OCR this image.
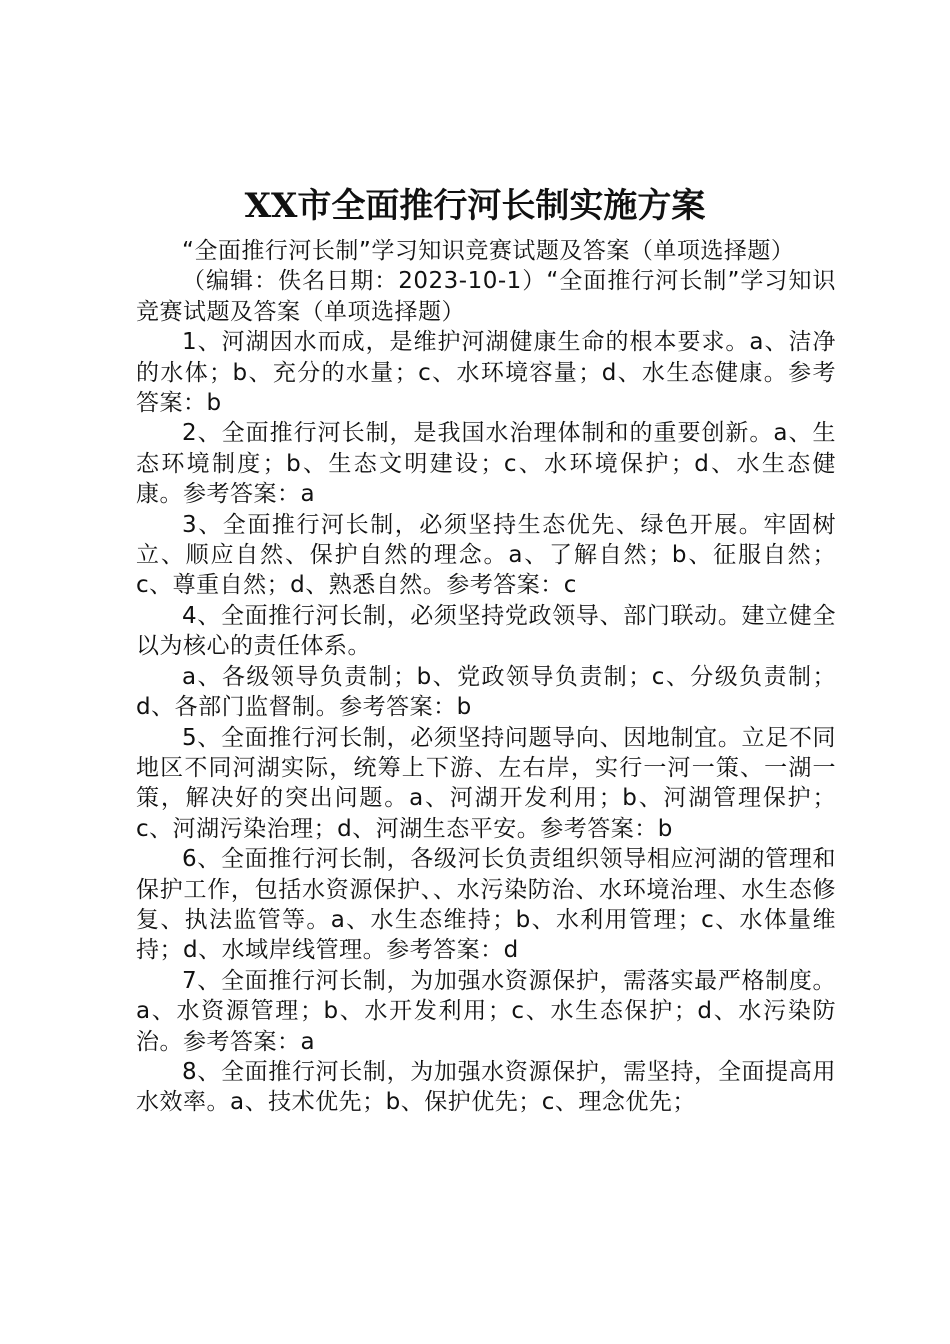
XX市全面推行河长制实施方案

“全面推行河长制”学习知识竞赛试题及答案（单项选择题）

（编辑：佚名日期：2023-10-1）“全面推行河长制”学习知识竞赛试题及答案（单项选择题）

1、河湖因水而成，是维护河湖健康生命的根本要求。a、洁净的水体；b、充分的水量；c、水环境容量；d、水生态健康。参考答案：b

2、全面推行河长制，是我国水治理体制和的重要创新。a、生态环境制度；b、生态文明建设；c、水环境保护；d、水生态健康。参考答案：a

3、全面推行河长制，必须坚持生态优先、绿色开展。牢固树立、顺应自然、保护自然的理念。a、了解自然；b、征服自然；c、尊重自然；d、熟悉自然。参考答案：c

4、全面推行河长制，必须坚持党政领导、部门联动。建立健全以为核心的责任体系。

a、各级领导负责制；b、党政领导负责制；c、分级负责制；d、各部门监督制。参考答案：b

5、全面推行河长制，必须坚持问题导向、因地制宜。立足不同地区不同河湖实际，统筹上下游、左右岸，实行一河一策、一湖一策，解决好的突出问题。a、河湖开发利用；b、河湖管理保护；c、河湖污染治理；d、河湖生态平安。参考答案：b

6、全面推行河长制，各级河长负责组织领导相应河湖的管理和保护工作，包括水资源保护、、水污染防治、水环境治理、水生态修复、执法监管等。a、水生态维持；b、水利用管理；c、水体量维持；d、水域岸线管理。参考答案：d

7、全面推行河长制，为加强水资源保护，需落实最严格制度。a、水资源管理；b、水开发利用；c、水生态保护；d、水污染防治。参考答案：a

8、全面推行河长制，为加强水资源保护，需坚持，全面提高用水效率。a、技术优先；b、保护优先；c、理念优先；
